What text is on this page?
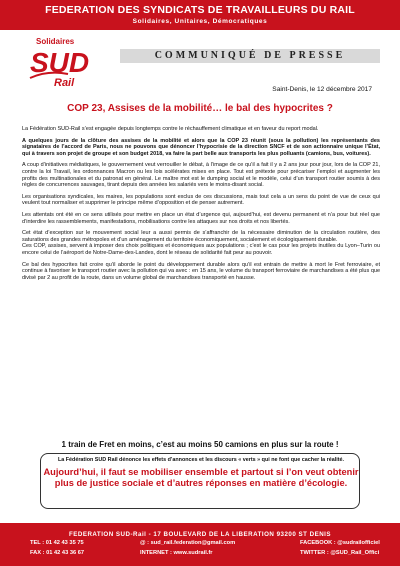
FEDERATION DES SYNDICATS DE TRAVAILLEURS DU RAIL
Solidaires, Unitaires, Démocratiques
Solidaires
SUD
Rail
COMMUNIQUÉ DE PRESSE
Saint-Denis, le 12 décembre 2017
COP 23, Assises de la mobilité… le bal des hypocrites ?

La Fédération SUD-Rail s’est engagée depuis longtemps contre le réchauffement climatique et en faveur du report modal.

A quelques jours de la clôture des assises de la mobilité et alors que la COP 23 réunit (sous la pollution) les représentants des signataires de l’accord de Paris, nous ne pouvons que dénoncer l’hypocrisie de la direction SNCF et de son actionnaire unique l’État, qui à travers son projet de groupe et son budget 2018, va faire la part belle aux transports les plus polluants (camions, bus, voitures).

A coup d’initiatives médiatiques, le gouvernement veut verrouiller le débat, à l’image de ce qu’il a fait il y a 2 ans jour pour jour, lors de la COP 21, contre la loi Travail, les ordonnances Macron ou les lois scélérates mises en place. Tout est prétexte pour précariser l’emploi et augmenter les profits des multinationales et du patronat en général. Le maître mot est le dumping social et le modèle, celui d’un transport routier soumis à des règles de concurrences sauvages, tirant depuis des années les salariés vers le moins-disant social.

Les organisations syndicales, les maires, les populations sont exclus de ces discussions, mais tout cela a un sens du point de vue de ceux qui veulent tout normaliser et supprimer le principe même d’opposition et de penser autrement.

Les attentats ont été en ce sens utilisés pour mettre en place un état d’urgence qui, aujourd’hui, est devenu permanent et n’a pour but réel que d’interdire les rassemblements, manifestations, mobilisations contre les attaques sur nos droits et nos libertés.

Cet état d’exception sur le mouvement social leur a aussi permis de s’affranchir de la nécessaire diminution de la circulation routière, des saturations des grandes métropoles et d’un aménagement du territoire économiquement, socialement et écologiquement durable.

Ces COP, assises, servent à imposer des choix politiques et économiques aux populations ; c’est le cas pour les projets inutiles du Lyon–Turin ou encore celui de l’aéroport de Notre-Dame-des-Landes, dont le réseau de solidarité fait peur au pouvoir.

Ce bal des hypocrites fait croire qu’il aborde le point du développement durable alors qu’il est entrain de mettre à mort le Fret ferroviaire, et continue à favoriser le transport routier avec la pollution qui va avec : en 15 ans, le volume du transport ferroviaire de marchandises a été plus que divisé par 2 au profit de la route, dans un volume global de marchandises transporté en hausse.

1 train de Fret en moins, c’est au moins 50 camions en plus sur la route !
La Fédération SUD Rail dénonce les effets d’annonces et les discours « verts » qui ne font que cacher la réalité.
Aujourd’hui, il faut se mobiliser ensemble et partout si l’on veut obtenir
plus de justice sociale et d’autres réponses en matière d’écologie.
FEDERATION SUD-Rail - 17 BOULEVARD DE LA LIBERATION 93200 ST DENIS
TEL : 01 42 43 35 75	@ : sud_rail.federation@gmail.com	FACEBOOK : @sudrailofficiel
FAX : 01 42 43 36 67	INTERNET : www.sudrail.fr	TWITTER : @SUD_Rail_Offici
